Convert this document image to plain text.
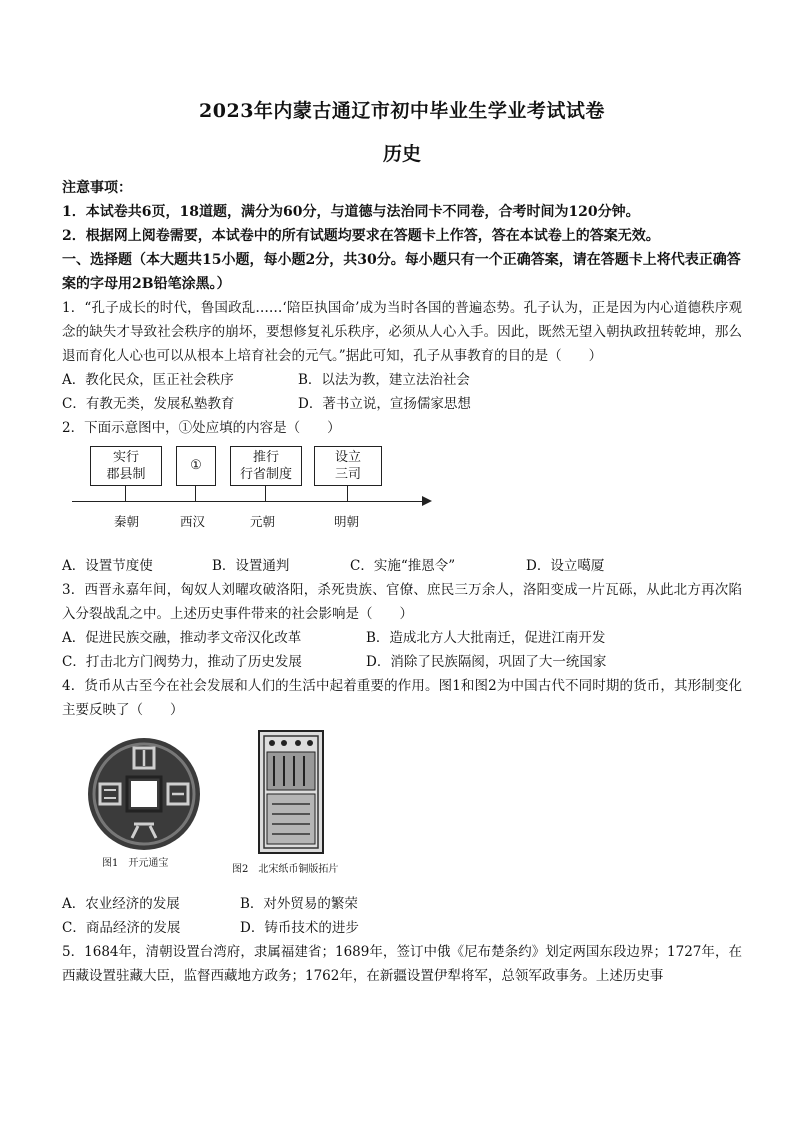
2023年内蒙古通辽市初中毕业生学业考试试卷
历史

注意事项：

1．本试卷共6页，18道题，满分为60分，与道德与法治同卡不同卷，合考时间为120分钟。

2．根据网上阅卷需要，本试卷中的所有试题均要求在答题卡上作答，答在本试卷上的答案无效。

一、选择题（本大题共15小题，每小题2分，共30分。每小题只有一个正确答案，请在答题卡上将代表正确答案的字母用2B铅笔涂黑。）

1．“孔子成长的时代，鲁国政乱……‘陪臣执国命’成为当时各国的普遍态势。孔子认为，正是因为内心道德秩序观念的缺失才导致社会秩序的崩坏，要想修复礼乐秩序，必须从人心入手。因此，既然无望入朝执政扭转乾坤，那么退而育化人心也可以从根本上培育社会的元气。”据此可知，孔子从事教育的目的是（　　）

A．教化民众，匡正社会秩序	B．以法为教，建立法治社会
C．有教无类，发展私塾教育	D．著书立说，宣扬儒家思想

2．下面示意图中，①处应填的内容是（　　）

实行
郡县制
①
推行
行省制度
设立
三司
秦朝	西汉	元朝	明朝
A．设置节度使	B．设置通判	C．实施“推恩令”	D．设立噶厦

3．西晋永嘉年间，匈奴人刘曜攻破洛阳，杀死贵族、官僚、庶民三万余人，洛阳变成一片瓦砾，从此北方再次陷入分裂战乱之中。上述历史事件带来的社会影响是（　　）

A．促进民族交融，推动孝文帝汉化改革	B．造成北方人大批南迁，促进江南开发
C．打击北方门阀势力，推动了历史发展	D．消除了民族隔阂，巩固了大一统国家

4．货币从古至今在社会发展和人们的生活中起着重要的作用。图1和图2为中国古代不同时期的货币，其形制变化主要反映了（　　）

图1　开元通宝
图2　北宋纸币铜版拓片
A．农业经济的发展	B．对外贸易的繁荣
C．商品经济的发展	D．铸币技术的进步

5．1684年，清朝设置台湾府，隶属福建省；1689年，签订中俄《尼布楚条约》划定两国东段边界；1727年，在西藏设置驻藏大臣，监督西藏地方政务；1762年，在新疆设置伊犁将军，总领军政事务。上述历史事
